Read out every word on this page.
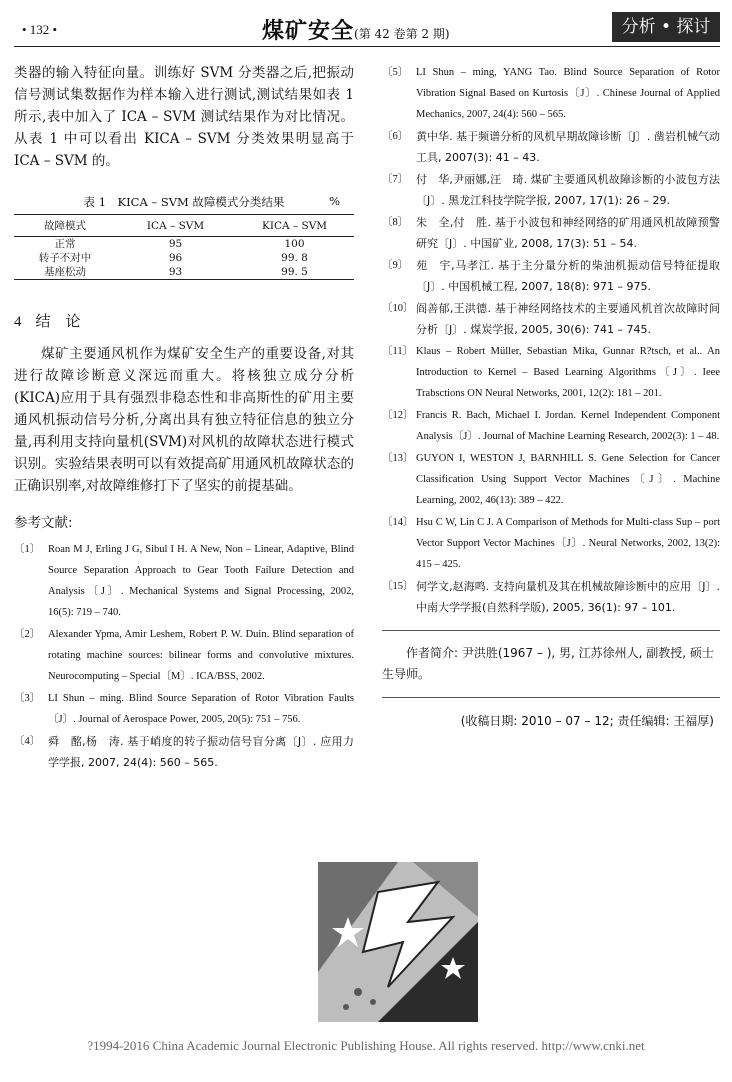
• 132 •	煤矿安全(第 42 卷第 2 期)	分析 • 探讨

类器的输入特征向量。训练好 SVM 分类器之后,把振动信号测试集数据作为样本输入进行测试,测试结果如表 1 所示,表中加入了 ICA – SVM 测试结果作为对比情况。从表 1 中可以看出 KICA – SVM 分类效果明显高于 ICA – SVM 的。

表 1　KICA – SVM 故障模式分类结果	%
故障模式	ICA – SVM	KICA – SVM
正常	95	100
转子不对中	96	99. 8
基座松动	93	99. 5
4 结　论

煤矿主要通风机作为煤矿安全生产的重要设备,对其进行故障诊断意义深远而重大。将核独立成分分析(KICA)应用于具有强烈非稳态性和非高斯性的矿用主要通风机振动信号分析,分离出具有独立特征信息的独立分量,再利用支持向量机(SVM)对风机的故障状态进行模式识别。实验结果表明可以有效提高矿用通风机故障状态的正确识别率,对故障维修打下了坚实的前提基础。

参考文献:
〔1〕 Roan M J, Erling J G, Sibul I H. A New, Non – Linear, Adaptive, Blind Source Separation Approach to Gear Tooth Failure Detection and Analysis〔J〕. Mechanical Systems and Signal Processing, 2002, 16(5): 719 – 740.
〔2〕 Alexander Ypma, Amir Leshem, Robert P. W. Duin. Blind separation of rotating machine sources: bilinear forms and convolutive mixtures. Neurocomputing – Special〔M〕. ICA/BSS, 2002.
〔3〕 LI Shun – ming. Blind Source Separation of Rotor Vibration Faults〔J〕. Journal of Aerospace Power, 2005, 20(5): 751 – 756.
〔4〕 舜　酩,杨　涛. 基于峭度的转子振动信号盲分离〔J〕. 应用力学学报, 2007, 24(4): 560 – 565.
〔5〕 LI Shun – ming, YANG Tao. Blind Source Separation of Rotor Vibration Signal Based on Kurtosis〔J〕. Chinese Journal of Applied Mechanics, 2007, 24(4): 560 – 565.
〔6〕 黄中华. 基于频谱分析的风机早期故障诊断〔J〕. 凿岩机械气动工具, 2007(3): 41 – 43.
〔7〕 付　华,尹丽娜,汪　琦. 煤矿主要通风机故障诊断的小波包方法〔J〕. 黑龙江科技学院学报, 2007, 17(1): 26 – 29.
〔8〕 朱　全,付　胜. 基于小波包和神经网络的矿用通风机故障预警研究〔J〕. 中国矿业, 2008, 17(3): 51 – 54.
〔9〕 苑　宇,马孝江. 基于主分量分析的柴油机振动信号特征提取〔J〕. 中国机械工程, 2007, 18(8): 971 – 975.
〔10〕 阎善郁,王洪德. 基于神经网络技术的主要通风机首次故障时间分析〔J〕. 煤炭学报, 2005, 30(6): 741 – 745.
〔11〕 Klaus – Robert Müller, Sebastian Mika, Gunnar R?tsch, et al.. An Introduction to Kernel – Based Learning Algorithms〔J〕. Ieee Trabsctions ON Neural Networks, 2001, 12(2): 181 – 201.
〔12〕 Francis R. Bach, Michael I. Jordan. Kernel Independent Component Analysis〔J〕. Journal of Machine Learning Research, 2002(3): 1 – 48.
〔13〕 GUYON I, WESTON J, BARNHILL S. Gene Selection for Cancer Classification Using Support Vector Machines〔J〕. Machine Learning, 2002, 46(13): 389 – 422.
〔14〕 Hsu C W, Lin C J. A Comparison of Methods for Multi-class Sup – port Vector Support Vector Machines〔J〕. Neural Networks, 2002, 13(2): 415 – 425.
〔15〕 何学文,赵海鸣. 支持向量机及其在机械故障诊断中的应用〔J〕. 中南大学学报(自然科学版), 2005, 36(1): 97 – 101.

作者简介: 尹洪胜(1967 – ), 男, 江苏徐州人, 副教授, 硕士生导师。

(收稿日期: 2010 – 07 – 12; 责任编辑: 王福厚)
?1994-2016 China Academic Journal Electronic Publishing House. All rights reserved. http://www.cnki.net
